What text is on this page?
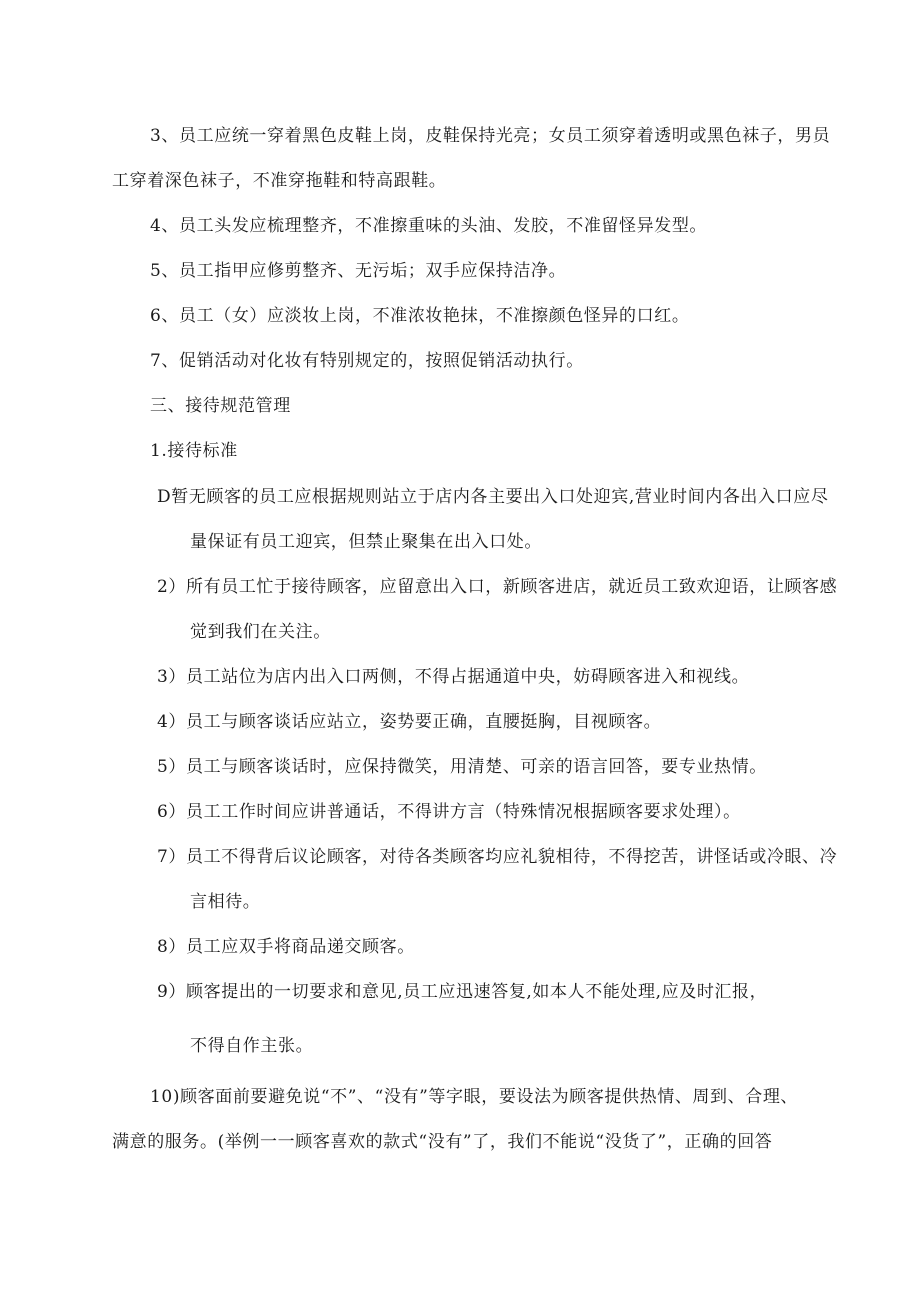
3、员工应统一穿着黑色皮鞋上岗，皮鞋保持光亮；女员工须穿着透明或黑色袜子，男员
工穿着深色袜子，不准穿拖鞋和特高跟鞋。
4、员工头发应梳理整齐，不准擦重味的头油、发胶，不准留怪异发型。
5、员工指甲应修剪整齐、无污垢；双手应保持洁净。
6、员工（女）应淡妆上岗，不准浓妆艳抹，不准擦颜色怪异的口红。
7、促销活动对化妆有特别规定的，按照促销活动执行。
三、接待规范管理
1.接待标准
D暂无顾客的员工应根据规则站立于店内各主要出入口处迎宾,营业时间内各出入口应尽
量保证有员工迎宾，但禁止聚集在出入口处。
2）所有员工忙于接待顾客，应留意出入口，新顾客进店，就近员工致欢迎语，让顾客感
觉到我们在关注。
3）员工站位为店内出入口两侧，不得占据通道中央，妨碍顾客进入和视线。
4）员工与顾客谈话应站立，姿势要正确，直腰挺胸，目视顾客。
5）员工与顾客谈话时，应保持微笑，用清楚、可亲的语言回答，要专业热情。
6）员工工作时间应讲普通话，不得讲方言（特殊情况根据顾客要求处理）。
7）员工不得背后议论顾客，对待各类顾客均应礼貌相待，不得挖苦，讲怪话或冷眼、冷
言相待。
8）员工应双手将商品递交顾客。
9）顾客提出的一切要求和意见,员工应迅速答复,如本人不能处理,应及时汇报，
不得自作主张。
10)顾客面前要避免说“不”、“没有”等字眼，要设法为顾客提供热情、周到、合理、
满意的服务。(举例一一顾客喜欢的款式“没有”了，我们不能说“没货了”，正确的回答
